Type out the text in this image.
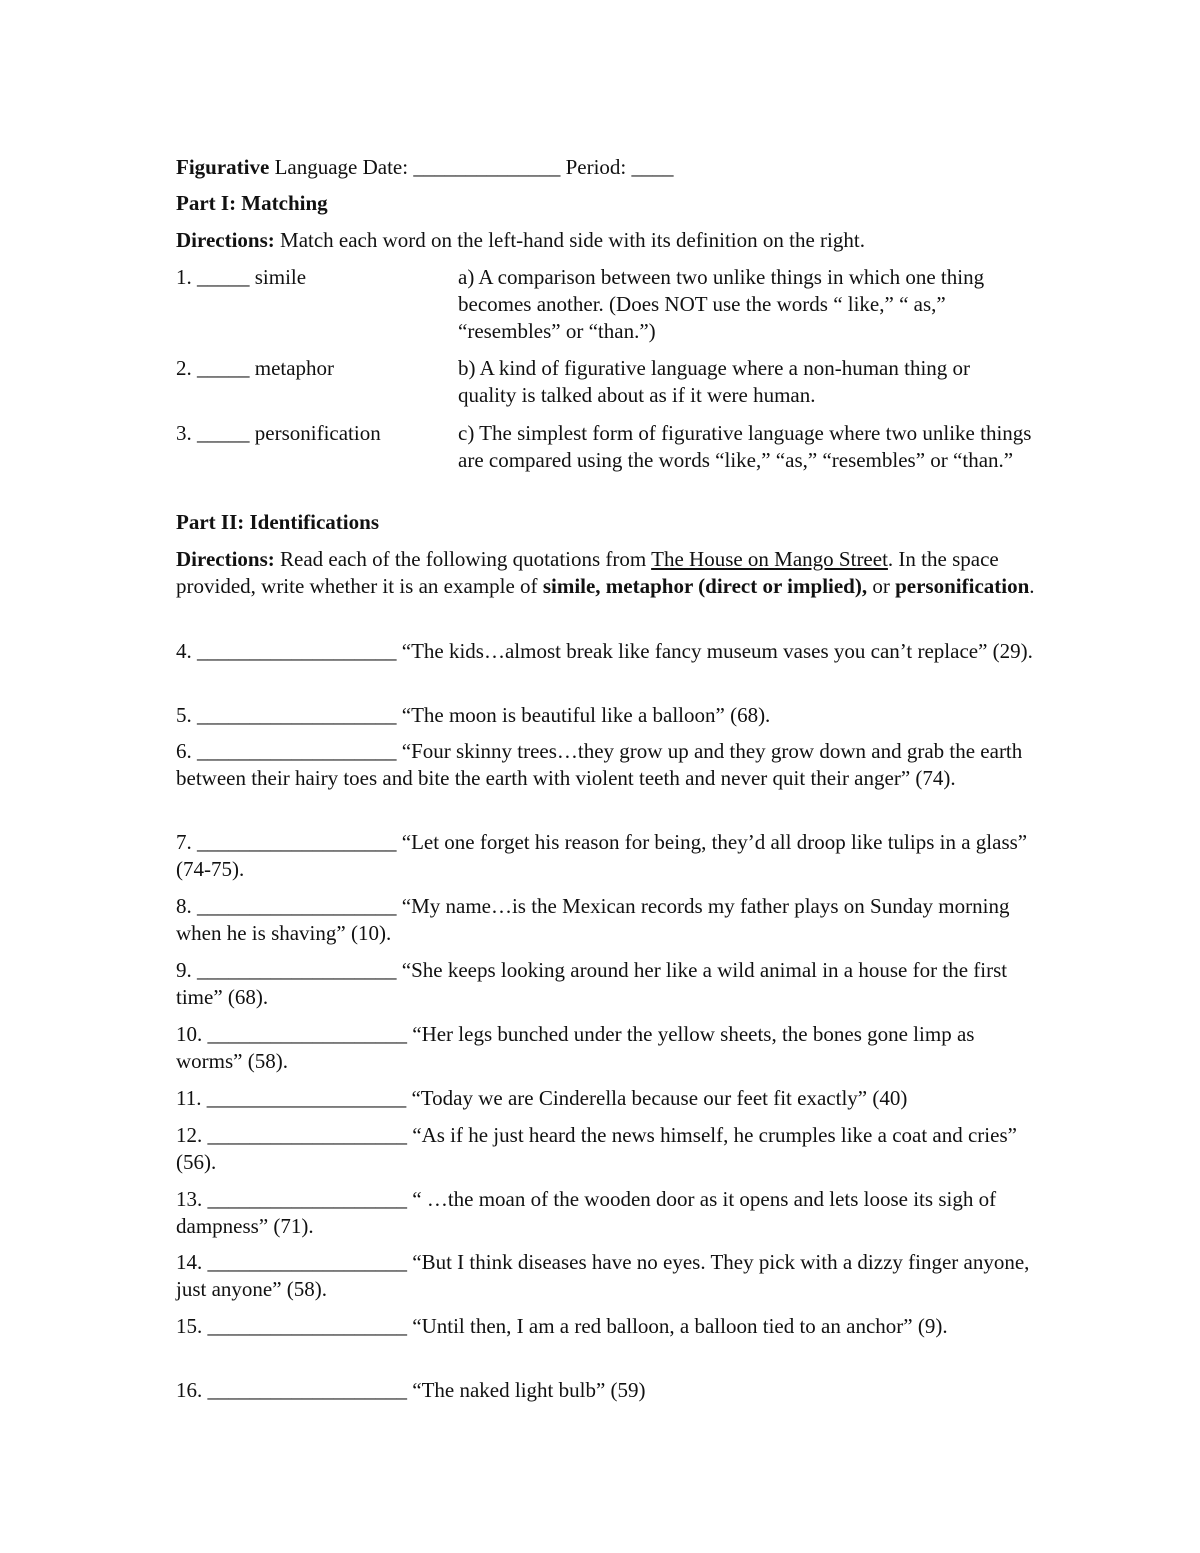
Figurative Language Date: ______________ Period: ____
Part I: Matching
Directions: Match each word on the left-hand side with its definition on the right.
1. _____ simile	a) A comparison between two unlike things in which one thing becomes another. (Does NOT use the words “ like,” “ as,” “resembles” or “than.”)
2. _____ metaphor	b) A kind of figurative language where a non-human thing or quality is talked about as if it were human.
3. _____ personification	c) The simplest form of figurative language where two unlike things are compared using the words “like,” “as,” “resembles” or “than.”
Part II: Identifications
Directions: Read each of the following quotations from The House on Mango Street. In the space provided, write whether it is an example of simile, metaphor (direct or implied), or personification.
4. ___________________ “The kids…almost break like fancy museum vases you can’t replace” (29).
5. ___________________ “The moon is beautiful like a balloon” (68).
6. ___________________ “Four skinny trees…they grow up and they grow down and grab the earth between their hairy toes and bite the earth with violent teeth and never quit their anger” (74).
7. ___________________ “Let one forget his reason for being, they’d all droop like tulips in a glass” (74-75).
8. ___________________ “My name…is the Mexican records my father plays on Sunday morning when he is shaving” (10).
9. ___________________ “She keeps looking around her like a wild animal in a house for the first time” (68).
10. ___________________ “Her legs bunched under the yellow sheets, the bones gone limp as worms” (58).
11. ___________________ “Today we are Cinderella because our feet fit exactly” (40)
12. ___________________ “As if he just heard the news himself, he crumples like a coat and cries” (56).
13. ___________________ “ …the moan of the wooden door as it opens and lets loose its sigh of dampness” (71).
14. ___________________ “But I think diseases have no eyes. They pick with a dizzy finger anyone, just anyone” (58).
15. ___________________ “Until then, I am a red balloon, a balloon tied to an anchor” (9).
16. ___________________ “The naked light bulb” (59)
